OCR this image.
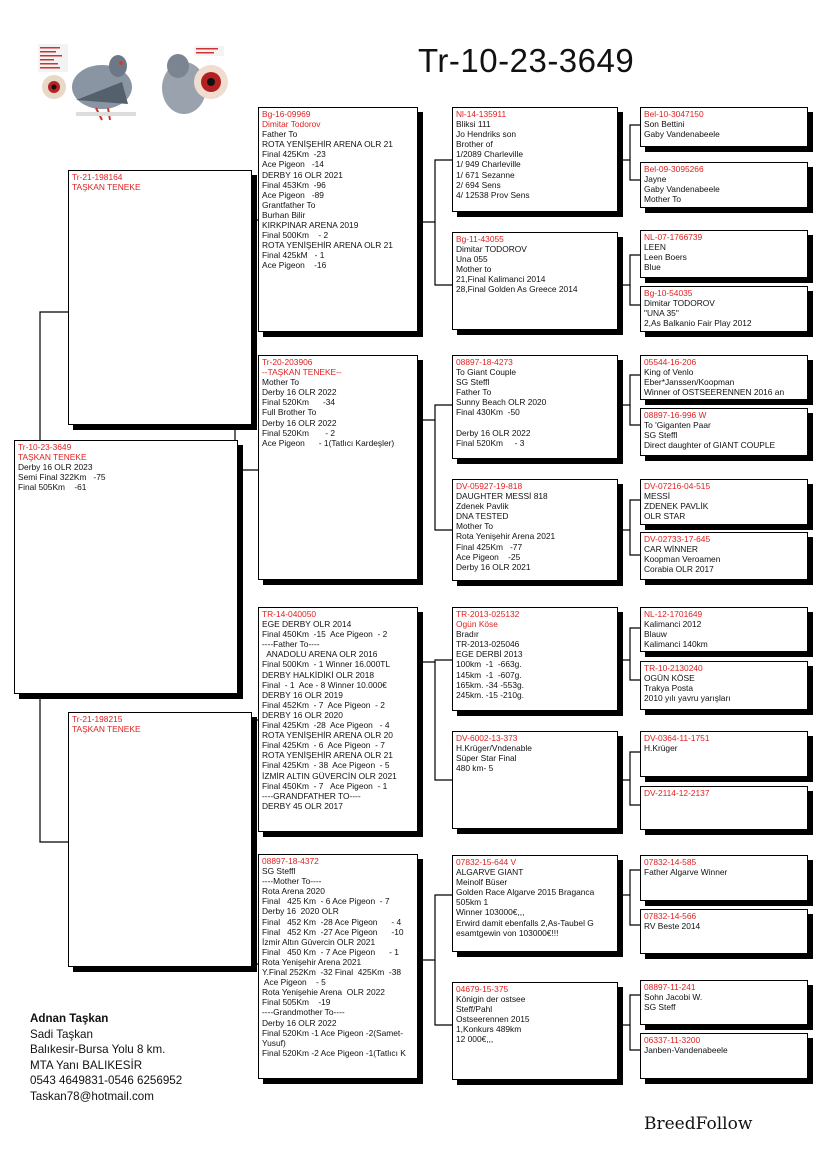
Tr-10-23-3649
Tr-10-23-3649
TAŞKAN TENEKE
Derby 16 OLR 2023
Semi Final 322Km   -75
Final 505Km    -61
Tr-21-198164
TAŞKAN TENEKE
Tr-21-198215
TAŞKAN TENEKE
Bg-16-09969
Dimitar Todorov
Father To
ROTA YENİŞEHİR ARENA OLR 21
Final 425Km  -23
Ace Pigeon   -14
DERBY 16 OLR 2021
Final 453Km  -96
Ace Pigeon   -89
Grantfather To
Burhan Bilir
KIRKPINAR ARENA 2019
Final 500Km    - 2
ROTA YENİŞEHİR ARENA OLR 21
Final 425kM   - 1
Ace Pigeon    -16
Tr-20-203906
--TAŞKAN TENEKE--
Mother To
Derby 16 OLR 2022
Final 520Km      -34
Full Brother To
Derby 16 OLR 2022
Final 520Km       - 2
Ace Pigeon      - 1(Tatlıcı Kardeşler)
TR-14-040050
EGE DERBY OLR 2014
Final 450Km  -15  Ace Pigeon  - 2
----Father To----
ANADOLU ARENA OLR 2016
Final 500Km  - 1 Winner 16.000TL
DERBY HALKİDİKİ OLR 2018
Final  - 1  Ace - 8 Winner 10.000€
DERBY 16 OLR 2019
Final 452Km  - 7  Ace Pigeon  - 2
DERBY 16 OLR 2020
Final 425Km  -28  Ace Pigeon   - 4
ROTA YENİŞEHİR ARENA OLR 20
Final 425Km  - 6  Ace Pigeon  - 7
ROTA YENİŞEHİR ARENA OLR 21
Final 425Km  - 38  Ace Pigeon  - 5
İZMİR ALTIN GÜVERCİN OLR 2021
Final 450Km  - 7   Ace Pigeon  - 1
----GRANDFATHER TO----
DERBY 45 OLR 2017
08897-18-4372
SG Steffl
----Mother To----
Rota Arena 2020
Final   425 Km  - 6 Ace Pigeon  - 7
Derby 16  2020 OLR
Final   452 Km  -28 Ace Pigeon      - 4
Final   452 Km  -27 Ace Pigeon      -10
İzmir Altın Güvercin OLR 2021
Final   450 Km  - 7 Ace Pigeon      - 1
Rota Yenişehir Arena 2021
Y.Final 252Km  -32 Final  425Km  -38
Ace Pigeon    - 5
Rota Yenişehie Arena  OLR 2022
Final 505Km    -19
----Grandmother To----
Derby 16 OLR 2022
Final 520Km -1 Ace Pigeon -2(Samet-
Yusuf)
Final 520Km -2 Ace Pigeon -1(Tatlıcı K
Nl-14-135911
Bliksi 111
Jo Hendriks son
Brother of
1/2089 Charleville
1/ 949 Charleville
1/ 671 Sezanne
2/ 694 Sens
4/ 12538 Prov Sens
Bg-11-43055
Dimitar TODOROV
Una 055
Mother to
21,Final Kalimanci 2014
28,Final Golden As Greece 2014
08897-18-4273
To Giant Couple
SG Steffl
Father To
Sunny Beach OLR 2020
Final 430Km  -50

Derby 16 OLR 2022
Final 520Km     - 3
DV-05927-19-818
DAUGHTER MESSİ 818
Zdenek Pavlik
DNA TESTED
Mother To
Rota Yenişehir Arena 2021
Final 425Km   -77
Ace Pigeon    -25
Derby 16 OLR 2021
TR-2013-025132
Ogün Köse
Bradır
TR-2013-025046
EGE DERBİ 2013
100km  -1  -663g.
145km  -1  -607g.
165km. -34 -553g.
245km. -15 -210g.
DV-6002-13-373
H.Krüger/Vndenable
Süper Star Final
480 km- 5
07832-15-644 V
ALGARVE GIANT
Meinolf Büser
Golden Race Algarve 2015 Braganca
505km 1
Winner 103000€,,,
Erwird damit ebenfalls 2,As-Taubel G
esamtgewin von 103000€!!!
04679-15-375
Königin der ostsee
Steff/Pahl
Ostseerennen 2015
1,Konkurs 489km
12 000€,,,
Bel-10-3047150
Son Bettini
Gaby Vandenabeele
Bel-09-3095266
Jayne
Gaby Vandenabeele
Mother To
NL-07-1766739
LEEN
Leen Boers
Blue
Bg-10-54035
Dimitar TODOROV
"UNA 35"
2,As Balkanio Fair Play 2012
05544-16-206
King of Venlo
Eber*Janssen/Koopman
Winner of OSTSEERENNEN 2016 an
08897-16-996 W
To 'Giganten Paar
SG Steffl
Direct daughter of GIANT COUPLE
DV-07216-04-515
MESSİ
ZDENEK PAVLİK
OLR STAR
DV-02733-17-645
CAR WİNNER
Koopman Veroamen
Corabia OLR 2017
NL-12-1701649
Kalimanci 2012
Blauw
Kalimanci 140km
TR-10-2130240
OGÜN KÖSE
Trakya Posta
2010 yılı yavru yarışları
DV-0364-11-1751
H.Krüger
DV-2114-12-2137
07832-14-585
Father Algarve Winner
07832-14-566
RV Beste 2014
08897-11-241
Sohn Jacobi W.
SG Steff
06337-11-3200
Janben-Vandenabeele
Adnan Taşkan
Sadi Taşkan
Balıkesir-Bursa Yolu 8 km.
MTA Yanı BALIKESİR
0543 4649831-0546 6256952
Taskan78@hotmail.com
BreedFollow
